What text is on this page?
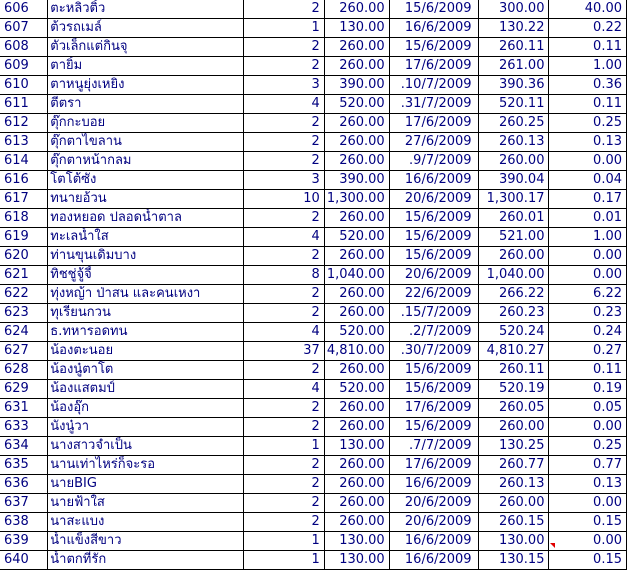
606	ตะหลิวติ้ว	2	260.00	15/6/2009	300.00	40.00
607	ต้วรถเมล์	1	130.00	16/6/2009	130.22	0.22
608	ตัวเล็กแต่กินจุ	2	260.00	15/6/2009	260.11	0.11
609	ตายิ้ม	2	260.00	17/6/2009	261.00	1.00
610	ตาหนูยุ่งเหยิง	3	390.00	.10/7/2009	390.36	0.36
611	ตีตรา	4	520.00	.31/7/2009	520.11	0.11
612	ตุ๊กกะบอย	2	260.00	17/6/2009	260.25	0.25
613	ตุ๊กตาไขลาน	2	260.00	27/6/2009	260.13	0.13
614	ตุ๊กตาหน้ากลม	2	260.00	.9/7/2009	260.00	0.00
616	โตโต้ซัง	3	390.00	16/6/2009	390.04	0.04
617	ทนายอ้วน	10	1,300.00	20/6/2009	1,300.17	0.17
618	ทองหยอด ปลอดน้ำตาล	2	260.00	15/6/2009	260.01	0.01
619	ทะเลน้ำใส	4	520.00	15/6/2009	521.00	1.00
620	ท่านขุนเดิมบาง	2	260.00	15/6/2009	260.00	0.00
621	ทิชชู่จู้จี้	8	1,040.00	20/6/2009	1,040.00	0.00
622	ทุ่งหญ้า ป่าสน และคนเหงา	2	260.00	22/6/2009	266.22	6.22
623	ทุเรียนกวน	2	260.00	.15/7/2009	260.23	0.23
624	ธ.ทหารอดทน	4	520.00	.2/7/2009	520.24	0.24
627	น้องตะนอย	37	4,810.00	.30/7/2009	4,810.27	0.27
628	น้องนู๋ตาโต	2	260.00	15/6/2009	260.11	0.11
629	น้องแสตมป์	4	520.00	15/6/2009	520.19	0.19
631	น้องอุ๊ก	2	260.00	17/6/2009	260.05	0.05
633	นังนู๋วา	2	260.00	15/6/2009	260.00	0.00
634	นางสาวจำเป็น	1	130.00	.7/7/2009	130.25	0.25
635	นานเท่าไหร่ก็จะรอ	2	260.00	17/6/2009	260.77	0.77
636	นายBIG	2	260.00	16/6/2009	260.13	0.13
637	นายฟ้าใส	2	260.00	20/6/2009	260.00	0.00
638	นาสะแบง	2	260.00	20/6/2009	260.15	0.15
639	น้ำแข็งสีขาว	1	130.00	16/6/2009	130.00	0.00
640	น้ำตกที่รัก	1	130.00	16/6/2009	130.15	0.15
